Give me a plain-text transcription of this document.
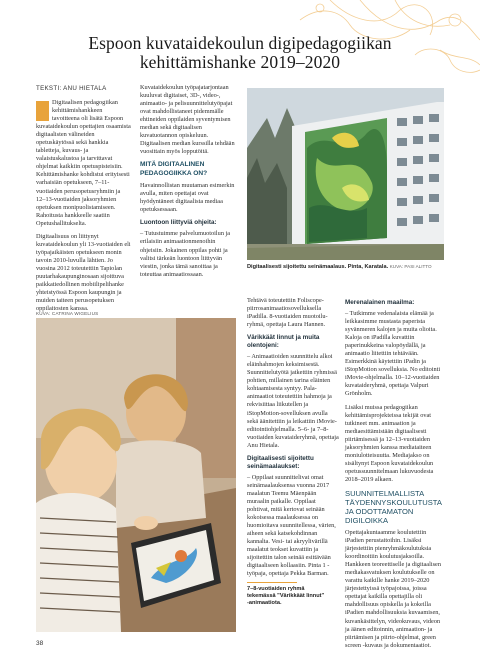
Espoon kuvataidekoulun digipedagogiikan
kehittämishanke 2019–2020
TEKSTI: ANU HIETALA

Digitaalisen pedagogiikan kehittämishankkeen tavoitteena oli lisätä Espoon kuvataidekoulun opettajien osaamista digitaalisten välineiden opetuskäytössä sekä hankkia tabletteja, kuvaus- ja valaistuskalustoa ja tarvittavat ohjelmat kaikkiin opetuspisteisiin. Kehittämishanke kohdistui erityisesti varhaisiän opetukseen, 7–11-vuotiaiden perusopetusryhmiin ja 12–13-vuotiaiden jaksoryhmien opetuksen monipuolistamiseen. Rahoitusta hankkeelle saatiin Opetushallitukselta.

Digitaalisuus on liittynyt kuvataidekoulun yli 13-vuotiaiden eli työpajaikäisten opetukseen monin tavoin 2010-luvulla lähtien. Jo vuosina 2012 toteutettiin Tapiolan puutarhakaupunginosaan sijoittuva paikkatiedollinen mobiilipelihanke yhteistyössä Espoon kaupungin ja muiden taiteen perusopetuksen oppilaitosten kanssa.

Kuvataidekoulun työpajatarjontaan kuuluvat digitaiset, 3D-, video-, animaatio- ja pelisuunnittelutyöpajat ovat mahdollistaneet pidemmälle ehtineiden oppilaiden syventymisen median sekä digitaalisen kuvatuotannon opiskeluun. Digitaalisen median kurssilla tehdään vuosittain myös lopputöitä.

MITÄ DIGITAALINEN PEDAGOGIIKKA ON?

Havainnollistan muutaman esimerkin avulla, miten opettajat ovat hyödyntäneet digitaalista mediaa opetuksessaan.

Luontoon liittyviä ohjeita:

– Tutustuimme palvelumuotoilun ja erilaisiin animaationmenoihin ohjeisiin. Jokainen oppilas pohti ja valitsi tärkeän luontoon liittyvän viestin, jonka tämä sanoittaa ja toteuttaa animaatiossaan.

Digitaalisesti sijoitettu seinämaalaus. Pinta, Karatala. KUVA: PASI ALITTO
KUVA: CATRINA WIGELIUS
7–8-vuotiaiden ryhmä tekemässä "Värikkäät linnut" -animaatiota.

Tehtävä toteutettiin Foliscope-piirrosanimaatiosovelluksella iPadilla. 8-vuotiaiden muotoiluryhmä, opettaja Laura Hannen.

Värikkäät linnut ja muita olentojeni:

– Animaatioiden suunnittelu alkoi eläinhahmojen keksimisestä. Suunnittelutyötä jatkettiin ryhmissä pohtien, millainen tarina eläinten kohtaamisesta syntyy. Pala-animaatiot toteutettiin hahmoja ja rekvisiittaa liikutellen ja iStopMotion-sovelluksen avulla sekä äänitettiin ja leikattiin iMovie-editointiohjelmalla. 5–6- ja 7–8-vuotiaiden kuvataideryhmä, opettaja Anu Hietala.

Digitaalisesti sijoitettu seinämaalaukset:

– Oppilaat suunnittelivat omat seinämaalauksensa vuonna 2017 maalatun Teemu Mäenpään muraalin paikalle. Oppilaat pohtivat, mitä kertovat seinään kokoisessa maalauksessa on huomioitava suunnitellessa, värien, aiheen sekä katsekohdinnan kannalta. Vesi- tai akryylivärillä maalatut teokset kuvattiin ja sijoitettiin talon seinää esittävään digitaaliseen kollaasiin. Pinta 1 -työpaja, opettaja Pekka Barman.

Merenalainen maailma:

– Tutkimme vedenalaista elämää ja leikkasimme mustasta paperista syvänmeren kalojen ja muita olioita. Kaloja on iPadilla kuvattiin paperinukkeina valopöydällä, ja animaatio liitettiin tehtävään. Esimerkkinä käytettiin iPadin ja iStopMotion sovelluksia. No editointi iMovie-ohjelmalla. 10–12-vuotiaiden kuvataideryhmä, opettaja Valpuri Grönholm.

Lisäksi muissa pedagogiikan kehittämisprojekteissa tekijät ovat tutkineet mm. animaation ja mediaesittämistään digitaalisesti piirtämisessä ja 12–13-vuotiaiden jaksoryhmien kanssa mediataiteen moniulotteisuutta. Mediajakso on sisältynyt Espoon kuvataidekoulun opetussuunnitelmaan lukuvuodesta 2018–2019 alkaen.

SUUNNITELMALLISTA TÄYDENNYSKOULUTUSTA JA ODOTTAMATON DIGILOIKKA

Opettajakuntaamme koulutettiin iPadien perustaitoihin. Lisäksi järjestettiin pienryhmäkoulutuksia koordinoitiin koulutusjaksoilla. Hankkeen teoreettiselle ja digitaalisen mediakasvatuksen koulutukselle on varattu kaikille hanke 2019–2020 järjestettyissä työpajoissa, joissa opettajat kaikilla opettajilla oli mahdollisuus opiskella ja kokeilla iPadien mahdollisuuksia kuvaamisen, kuvankäsittelyn, videokuvaus, videon ja äänen editoinnin, animaation- ja piirtämisen ja piirto-ohjelmat, green screen -kuvaus ja dokumentaatiot.

38
